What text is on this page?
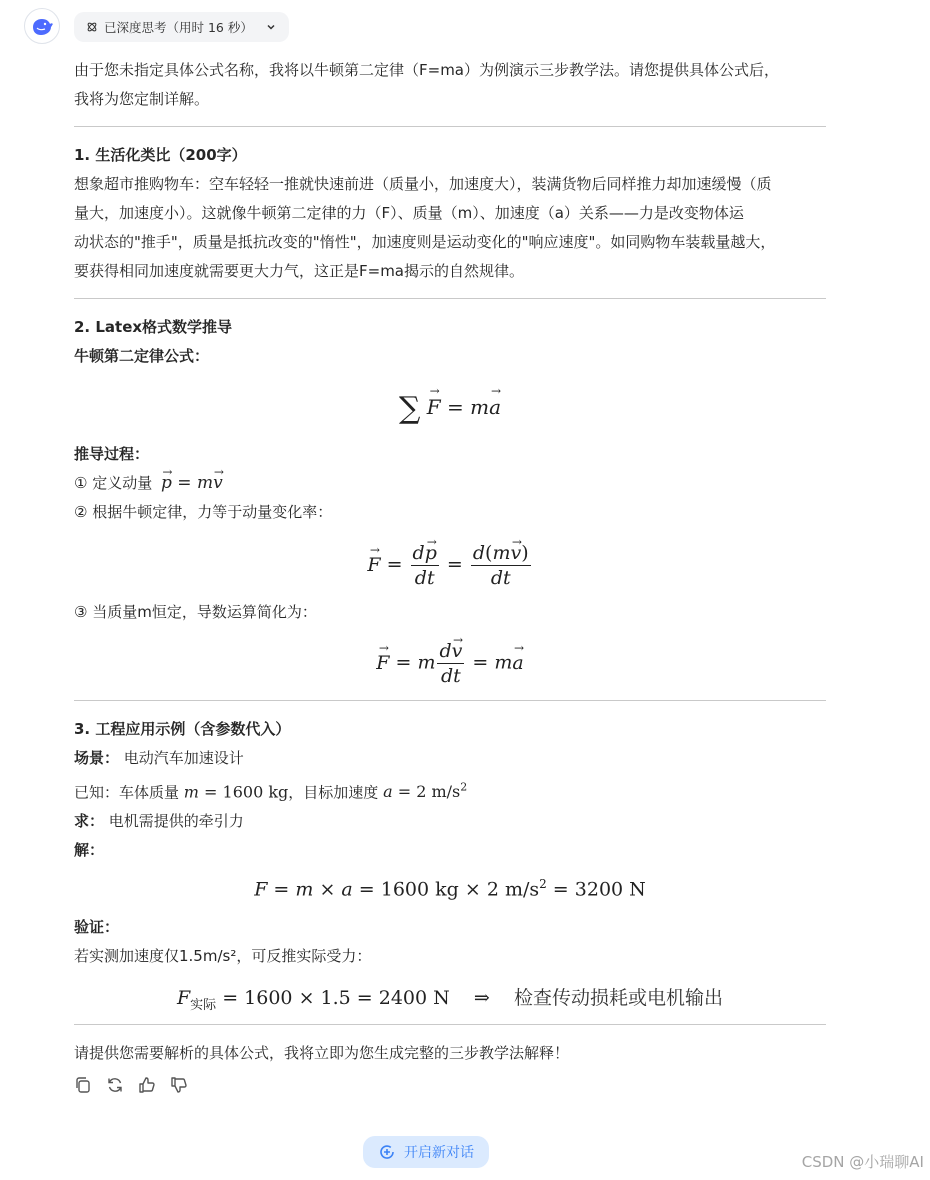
已深度思考（用时 16 秒）

由于您未指定具体公式名称，我将以牛顿第二定律（F=ma）为例演示三步教学法。请您提供具体公式后，

我将为您定制详解。

1. 生活化类比（200字）

想象超市推购物车：空车轻轻一推就快速前进（质量小，加速度大），装满货物后同样推力却加速缓慢（质

量大，加速度小）。这就像牛顿第二定律的力（F）、质量（m）、加速度（a）关系——力是改变物体运

动状态的"推手"，质量是抵抗改变的"惰性"，加速度则是运动变化的"响应速度"。如同购物车装载量越大，

要获得相同加速度就需要更大力气，这正是F=ma揭示的自然规律。

2. Latex格式数学推导
牛顿第二定律公式：
∑ → F = m→ a
推导过程：

① 定义动量 → p = m→ v

② 根据牛顿定律，力等于动量变化率：

→ $F = \frac{d\to p}{dt} = \frac{d(m\to v)}{dt}$

③ 当质量m恒定，导数运算简化为：

→ F = m $\frac{d\to v}{dt} = m\to a$
3. 工程应用示例（含参数代入）

场景： 电动汽车加速设计

已知：车体质量 m = 1600 kg，目标加速度 a = 2 $m/s^2$

求： 电机需提供的牵引力

解：

F = m × a = 1600 kg × 2 $m/s^2 = 3200$ N

验证：

若实测加速度仅1.5m/s²，可反推实际受力：

$F_{实际} = 1600 \times 1.5 = 2400$ N    ⇒    检查传动损耗或电机输出

请提供您需要解析的具体公式，我将立即为您生成完整的三步教学法解释！

开启新对话	CSDN @小瑞聊AI
